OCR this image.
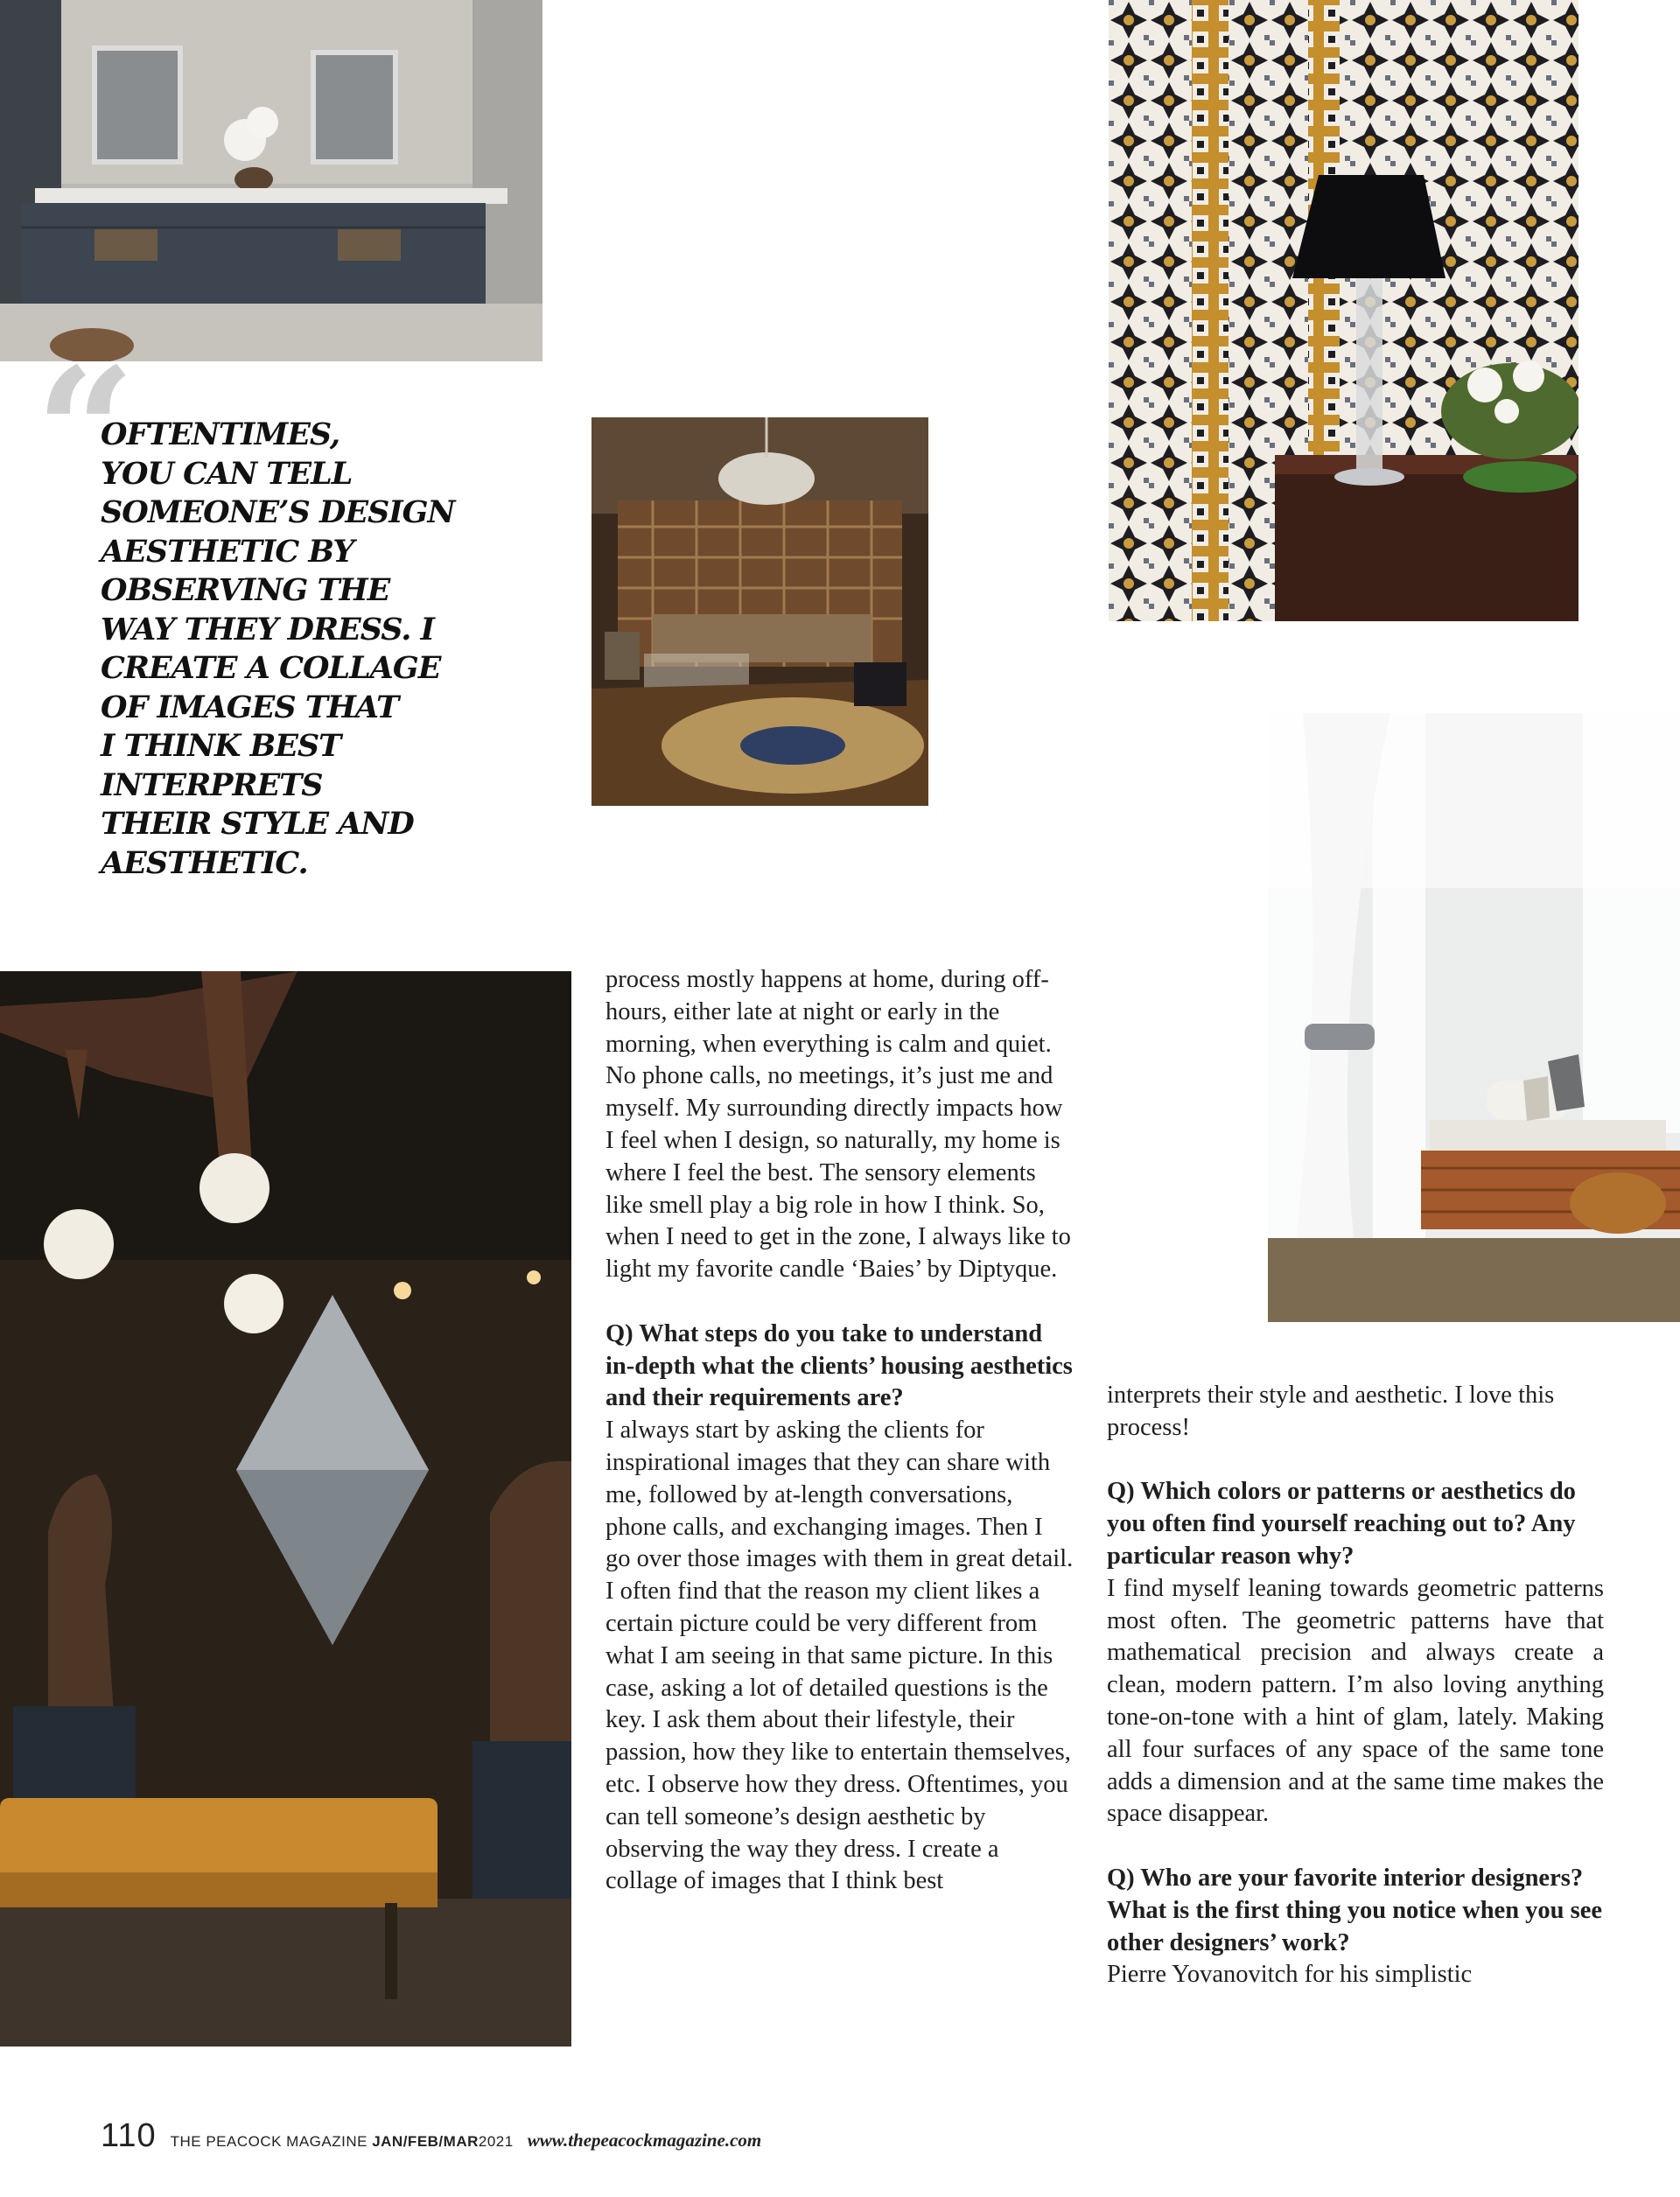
“
OFTENTIMES,
YOU CAN TELL
SOMEONE’S DESIGN
AESTHETIC BY
OBSERVING THE
WAY THEY DRESS. I
CREATE A COLLAGE
OF IMAGES THAT
I THINK BEST
INTERPRETS
THEIR STYLE AND
AESTHETIC.

process mostly happens at home, during off-hours, either late at night or early in the morning, when everything is calm and quiet. No phone calls, no meetings, it’s just me and myself. My surrounding directly impacts how I feel when I design, so naturally, my home is where I feel the best. The sensory elements like smell play a big role in how I think. So, when I need to get in the zone, I always like to light my favorite candle ‘Baies’ by Diptyque.

Q) What steps do you take to understand in-depth what the clients’ housing aesthetics and their requirements are?

I always start by asking the clients for inspirational images that they can share with me, followed by at-length conversations, phone calls, and exchanging images. Then I go over those images with them in great detail. I often find that the reason my client likes a certain picture could be very different from what I am seeing in that same picture. In this case, asking a lot of detailed questions is the key. I ask them about their lifestyle, their passion, how they like to entertain themselves, etc. I observe how they dress. Oftentimes, you can tell someone’s design aesthetic by observing the way they dress. I create a collage of images that I think best

interprets their style and aesthetic. I love this process!

Q) Which colors or patterns or aesthetics do you often find yourself reaching out to? Any particular reason why?

I find myself leaning towards geometric patterns most often. The geometric patterns have that mathematical precision and always create a clean, modern pattern. I’m also loving anything tone-on-tone with a hint of glam, lately. Making all four surfaces of any space of the same tone adds a dimension and at the same time makes the space disappear.

Q) Who are your favorite interior designers? What is the first thing you notice when you see other designers’ work?

Pierre Yovanovitch for his simplistic

110 THE PEACOCK MAGAZINE JAN/FEB/MAR2021 www.thepeacockmagazine.com
